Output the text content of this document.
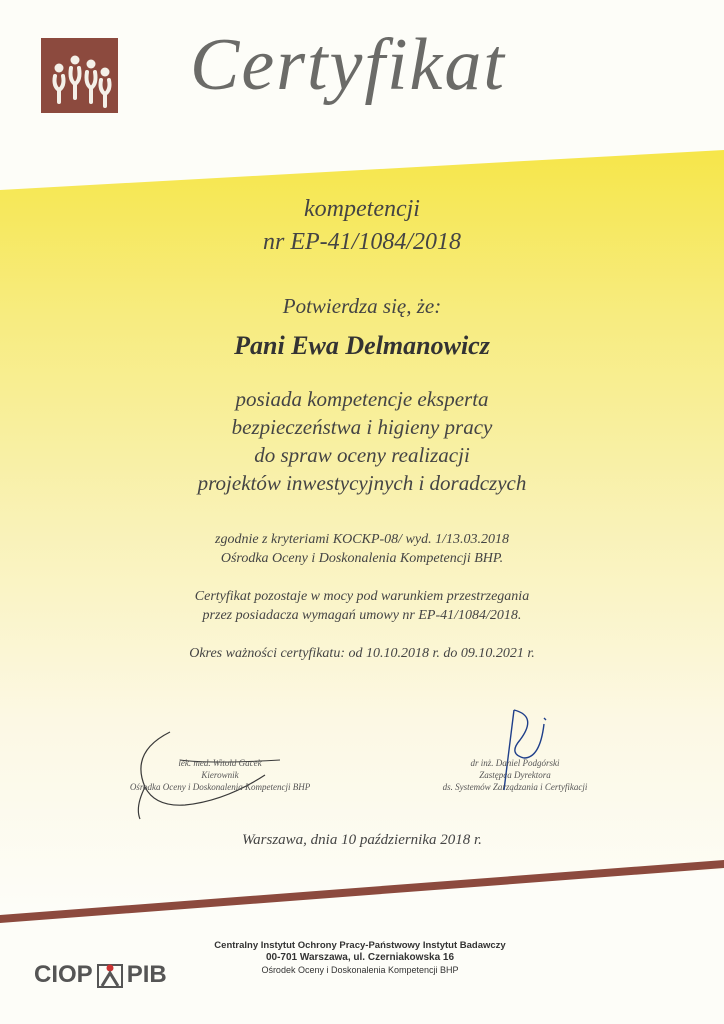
Certyfikat
kompetencji
nr EP-41/1084/2018
Potwierdza się, że:
Pani Ewa Delmanowicz
posiada kompetencje eksperta
bezpieczeństwa i higieny pracy
do spraw oceny realizacji
projektów inwestycyjnych i doradczych
zgodnie z kryteriami KOCKP-08/ wyd. 1/13.03.2018
Ośrodka Oceny i Doskonalenia Kompetencji BHP.
Certyfikat pozostaje w mocy pod warunkiem przestrzegania
przez posiadacza wymagań umowy nr EP-41/1084/2018.
Okres ważności certyfikatu: od 10.10.2018 r. do 09.10.2021 r.
lek. med. Witold Gacek
Kierownik
Ośrodka Oceny i Doskonalenia Kompetencji BHP
dr inż. Daniel Podgórski
Zastępca Dyrektora
ds. Systemów Zarządzania i Certyfikacji
Warszawa, dnia 10 października 2018 r.
CIOP PIB
Centralny Instytut Ochrony Pracy-Państwowy Instytut Badawczy
00-701 Warszawa, ul. Czerniakowska 16
Ośrodek Oceny i Doskonalenia Kompetencji BHP
